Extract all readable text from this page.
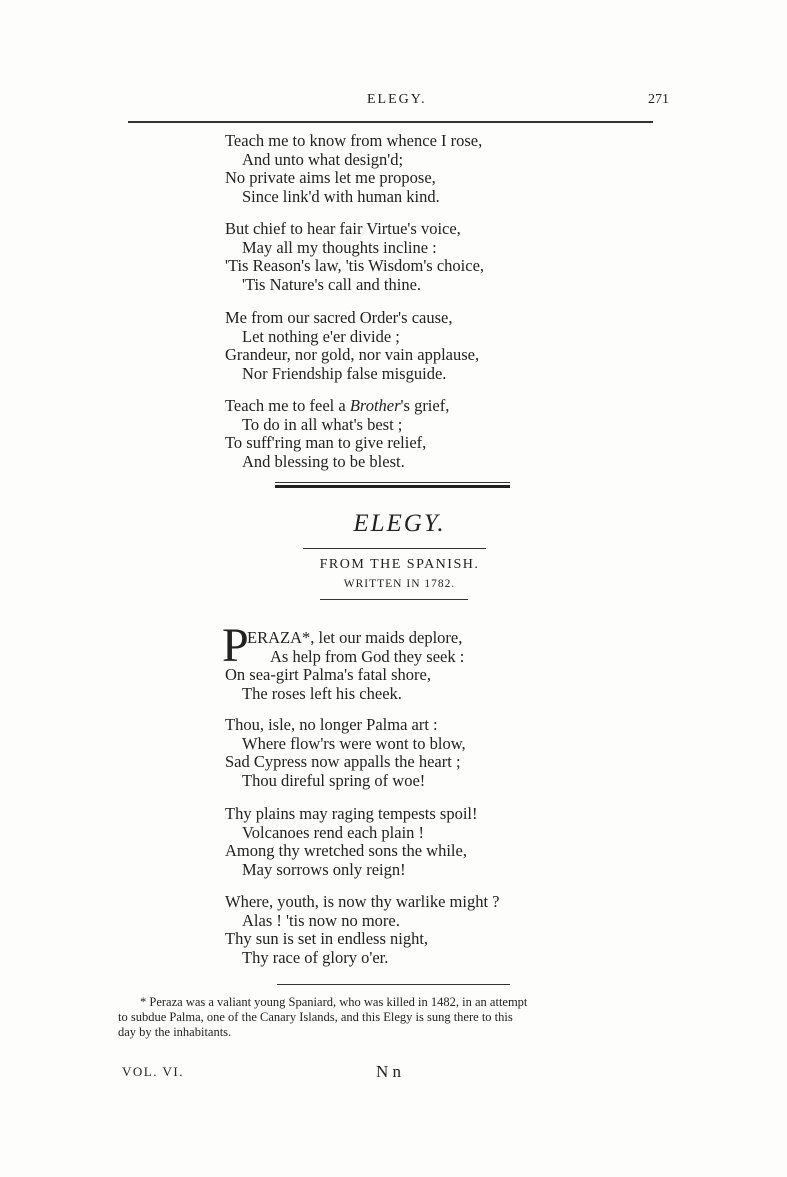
ELEGY.	271
Teach me to know from whence I rose,
And unto what design'd;
No private aims let me propose,
Since link'd with human kind.
But chief to hear fair Virtue's voice,
May all my thoughts incline :
'Tis Reason's law, 'tis Wisdom's choice,
'Tis Nature's call and thine.
Me from our sacred Order's cause,
Let nothing e'er divide ;
Grandeur, nor gold, nor vain applause,
Nor Friendship false misguide.
Teach me to feel a Brother's grief,
To do in all what's best ;
To suff'ring man to give relief,
And blessing to be blest.
ELEGY.
FROM THE SPANISH.
WRITTEN IN 1782.
P
ERAZA*, let our maids deplore,
As help from God they seek :
On sea-girt Palma's fatal shore,
The roses left his cheek.
Thou, isle, no longer Palma art :
Where flow'rs were wont to blow,
Sad Cypress now appalls the heart ;
Thou direful spring of woe!
Thy plains may raging tempests spoil!
Volcanoes rend each plain !
Among thy wretched sons the while,
May sorrows only reign!
Where, youth, is now thy warlike might ?
Alas ! 'tis now no more.
Thy sun is set in endless night,
Thy race of glory o'er.
* Peraza was a valiant young Spaniard, who was killed in 1482, in an attempt
to subdue Palma, one of the Canary Islands, and this Elegy is sung there to this
day by the inhabitants.
VOL. VI.	N n
